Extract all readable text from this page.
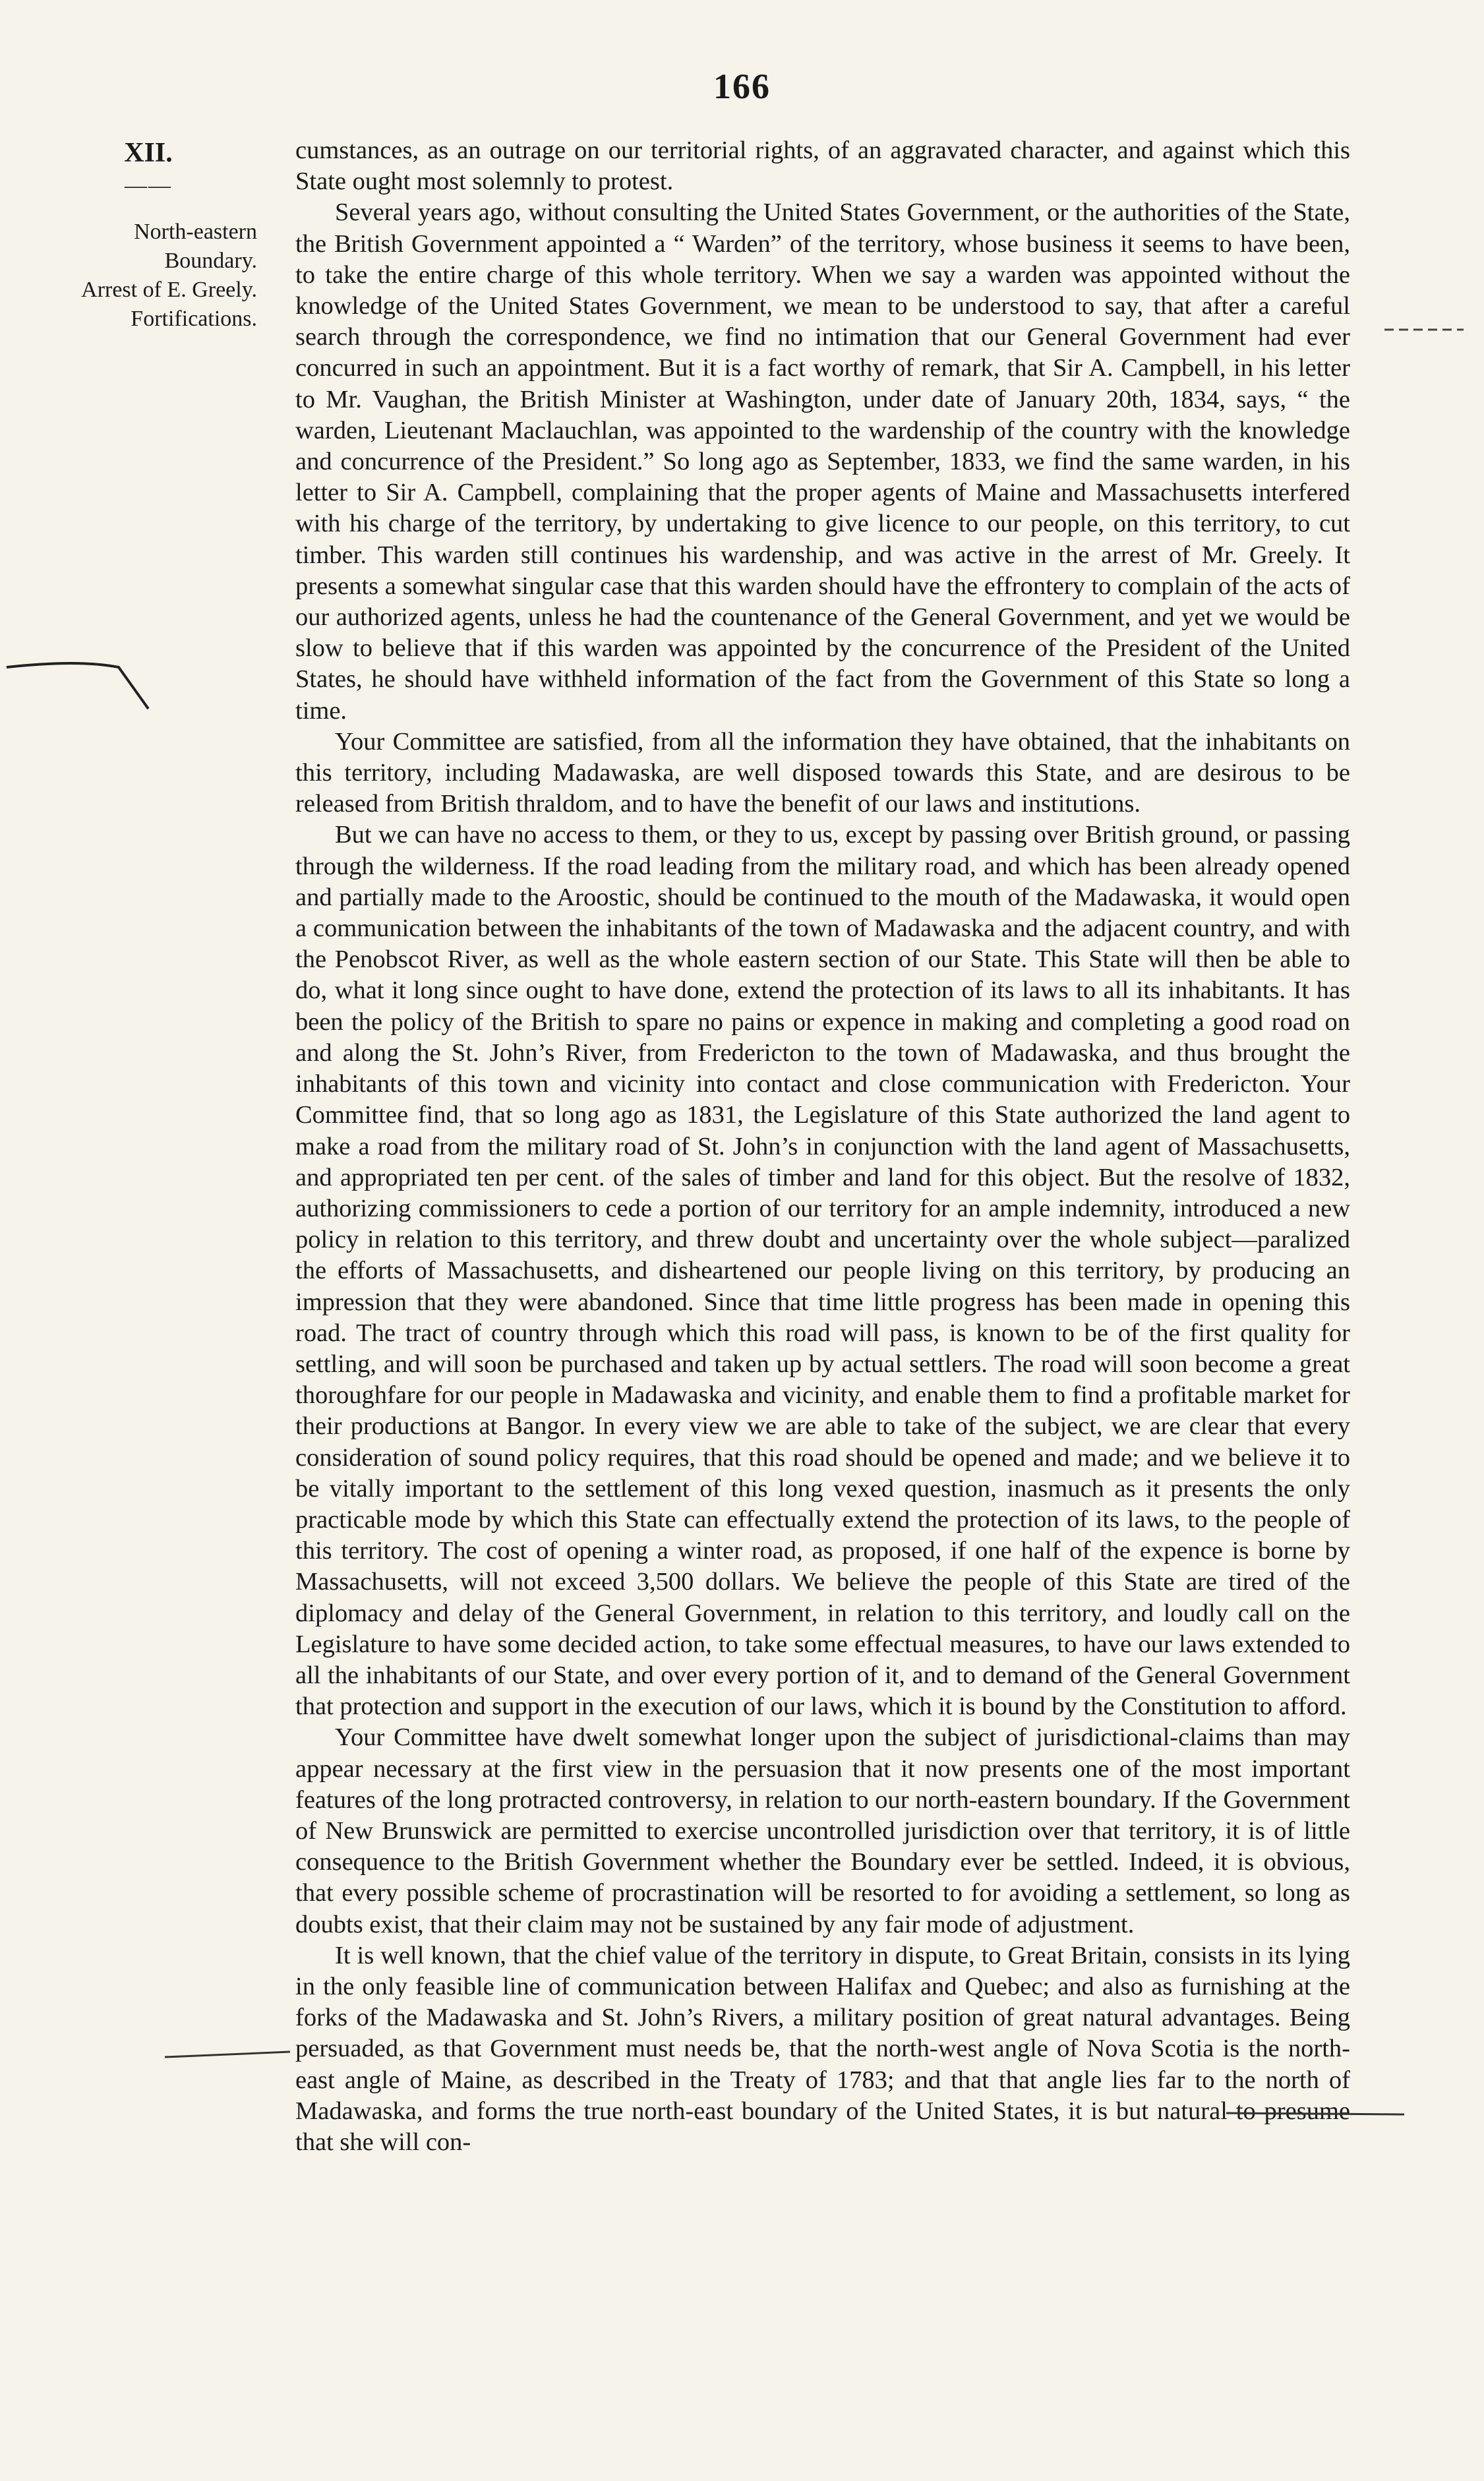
166
XII.
——
North-eastern
Boundary.
Arrest of E. Greely.
Fortifications.

cumstances, as an outrage on our territorial rights, of an aggravated character, and against which this State ought most solemnly to protest.

Several years ago, without consulting the United States Government, or the authorities of the State, the British Government appointed a “ Warden” of the territory, whose business it seems to have been, to take the entire charge of this whole territory. When we say a warden was appointed without the knowledge of the United States Government, we mean to be understood to say, that after a careful search through the correspondence, we find no intimation that our General Government had ever concurred in such an appointment. But it is a fact worthy of remark, that Sir A. Campbell, in his letter to Mr. Vaughan, the British Minister at Washington, under date of January 20th, 1834, says, “ the warden, Lieutenant Maclauchlan, was appointed to the wardenship of the country with the knowledge and concurrence of the President.” So long ago as September, 1833, we find the same warden, in his letter to Sir A. Campbell, complaining that the proper agents of Maine and Massachusetts interfered with his charge of the territory, by undertaking to give licence to our people, on this territory, to cut timber. This warden still continues his wardenship, and was active in the arrest of Mr. Greely. It presents a somewhat singular case that this warden should have the effrontery to complain of the acts of our authorized agents, unless he had the countenance of the General Government, and yet we would be slow to believe that if this warden was appointed by the concurrence of the President of the United States, he should have withheld information of the fact from the Government of this State so long a time.

Your Committee are satisfied, from all the information they have obtained, that the inhabitants on this territory, including Madawaska, are well disposed towards this State, and are desirous to be released from British thraldom, and to have the benefit of our laws and institutions.

But we can have no access to them, or they to us, except by passing over British ground, or passing through the wilderness. If the road leading from the military road, and which has been already opened and partially made to the Aroostic, should be continued to the mouth of the Madawaska, it would open a communication between the inhabitants of the town of Madawaska and the adjacent country, and with the Penobscot River, as well as the whole eastern section of our State. This State will then be able to do, what it long since ought to have done, extend the protection of its laws to all its inhabitants. It has been the policy of the British to spare no pains or expence in making and completing a good road on and along the St. John’s River, from Fredericton to the town of Madawaska, and thus brought the inhabitants of this town and vicinity into contact and close communication with Fredericton. Your Committee find, that so long ago as 1831, the Legislature of this State authorized the land agent to make a road from the military road of St. John’s in conjunction with the land agent of Massachusetts, and appropriated ten per cent. of the sales of timber and land for this object. But the resolve of 1832, authorizing commissioners to cede a portion of our territory for an ample indemnity, introduced a new policy in relation to this territory, and threw doubt and uncertainty over the whole subject—paralized the efforts of Massachusetts, and disheartened our people living on this territory, by producing an impression that they were abandoned. Since that time little progress has been made in opening this road. The tract of country through which this road will pass, is known to be of the first quality for settling, and will soon be purchased and taken up by actual settlers. The road will soon become a great thoroughfare for our people in Madawaska and vicinity, and enable them to find a profitable market for their productions at Bangor. In every view we are able to take of the subject, we are clear that every consideration of sound policy requires, that this road should be opened and made; and we believe it to be vitally important to the settlement of this long vexed question, inasmuch as it presents the only practicable mode by which this State can effectually extend the protection of its laws, to the people of this territory. The cost of opening a winter road, as proposed, if one half of the expence is borne by Massachusetts, will not exceed 3,500 dollars. We believe the people of this State are tired of the diplomacy and delay of the General Government, in relation to this territory, and loudly call on the Legislature to have some decided action, to take some effectual measures, to have our laws extended to all the inhabitants of our State, and over every portion of it, and to demand of the General Government that protection and support in the execution of our laws, which it is bound by the Constitution to afford.

Your Committee have dwelt somewhat longer upon the subject of jurisdictional-claims than may appear necessary at the first view in the persuasion that it now presents one of the most important features of the long protracted controversy, in relation to our north-eastern boundary. If the Government of New Brunswick are permitted to exercise uncontrolled jurisdiction over that territory, it is of little consequence to the British Government whether the Boundary ever be settled. Indeed, it is obvious, that every possible scheme of procrastination will be resorted to for avoiding a settlement, so long as doubts exist, that their claim may not be sustained by any fair mode of adjustment.

It is well known, that the chief value of the territory in dispute, to Great Britain, consists in its lying in the only feasible line of communication between Halifax and Quebec; and also as furnishing at the forks of the Madawaska and St. John’s Rivers, a military position of great natural advantages. Being persuaded, as that Government must needs be, that the north-west angle of Nova Scotia is the north-east angle of Maine, as described in the Treaty of 1783; and that that angle lies far to the north of Madawaska, and forms the true north-east boundary of the United States, it is but natural to presume that she will con-
